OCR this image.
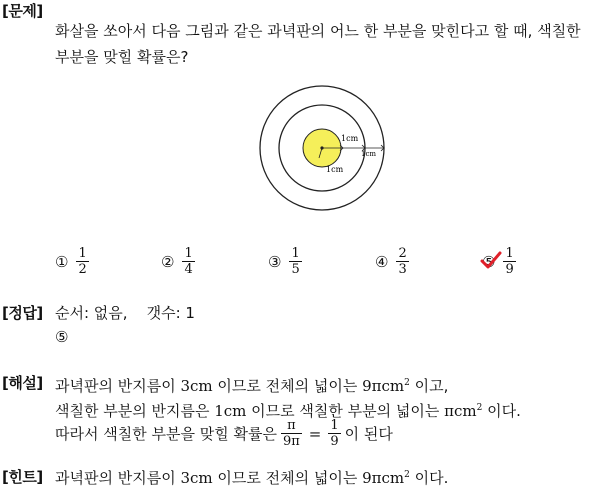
[문제]
화살을 쏘아서 다음 그림과 같은 과녁판의 어느 한 부분을 맞힌다고 할 때, 색칠한
부분을 맞힐 확률은?
1cm
1cm
1cm
① $\frac{1}{2}$	② $\frac{1}{4}$	③ $\frac{1}{5}$	④ $\frac{2}{3}$	⑤ $\frac{1}{9}$
[정답] 순서: 없음,    갯수: 1
⑤
[해설] 과녁판의 반지름이 3cm 이므로 전체의 넓이는 9πcm$^2$ 이고,
색칠한 부분의 반지름은 1cm 이므로 색칠한 부분의 넓이는 πcm$^2$ 이다.
따라서 색칠한 부분을 맞힐 확률은 $\frac{\pi}{9\pi} = \frac{1}{9}$ 이 된다
[힌트] 과녁판의 반지름이 3cm 이므로 전체의 넓이는 9πcm$^2$ 이다.
